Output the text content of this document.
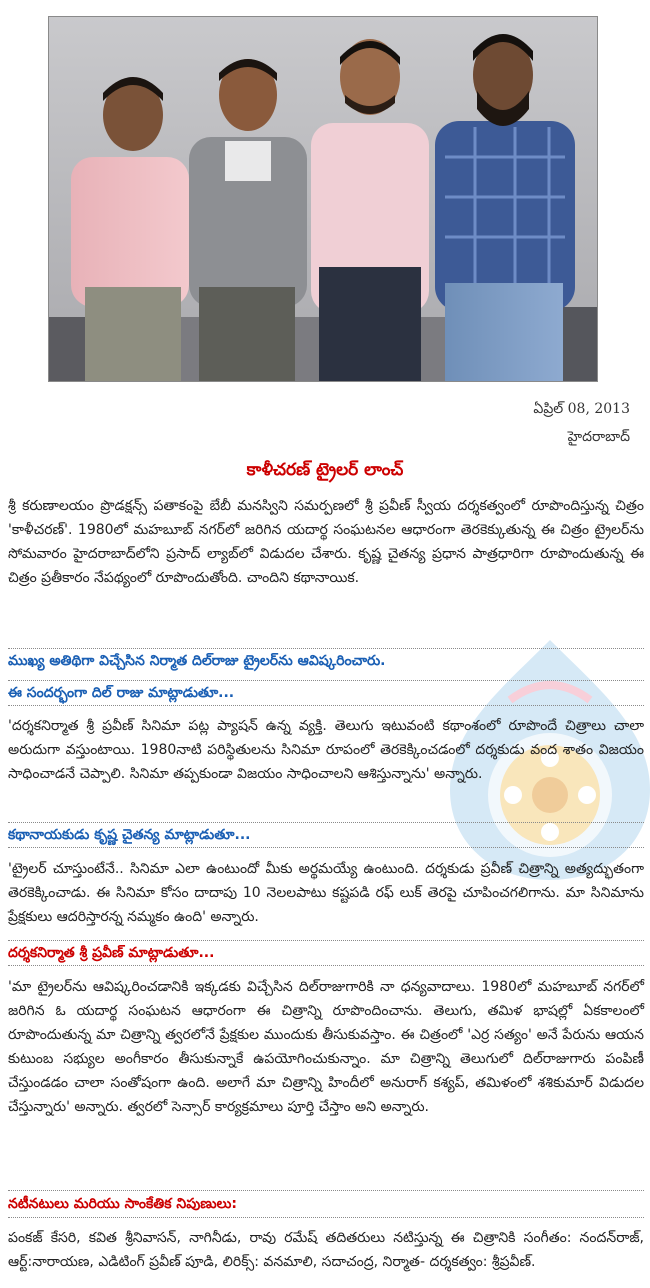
ఏప్రిల్ 08, 2013
హైదరాబాద్
కాళీచరణ్ ట్రైలర్ లాంచ్

శ్రీ కరుణాలయం ప్రొడక్షన్స్ పతాకంపై బేబీ మనస్విని సమర్పణలో శ్రీ ప్రవీణ్ స్వీయ దర్శకత్వంలో రూపొందిస్తున్న చిత్రం 'కాళీచరణ్'. 1980లో మహబూబ్ నగర్‌లో జరిగిన యదార్థ సంఘటనల ఆధారంగా తెరకెక్కుతున్న ఈ చిత్రం ట్రైలర్‌ను సోమవారం హైదరాబాద్‌లోని ప్రసాద్ ల్యాబ్‌లో విడుదల చేశారు. కృష్ణ చైతన్య ప్రధాన పాత్రధారిగా రూపొందుతున్న ఈ చిత్రం ప్రతీకారం నేపథ్యంలో రూపొందుతోంది. చాందిని కథానాయిక.

ముఖ్య అతిథిగా విచ్చేసిన నిర్మాత దిల్‌రాజు ట్రైలర్‌ను ఆవిష్కరించారు.

ఈ సందర్భంగా దిల్ రాజు మాట్లాడుతూ...

'దర్శకనిర్మాత శ్రీ ప్రవీణ్ సినిమా పట్ల ప్యాషన్ ఉన్న వ్యక్తి. తెలుగు ఇటువంటి కథాంశంలో రూపొందే చిత్రాలు చాలా అరుదుగా వస్తుంటాయి. 1980నాటి పరిస్థితులను సినిమా రూపంలో తెరకెక్కించడంలో దర్శకుడు వంద శాతం విజయం సాధించాడనే చెప్పాలి. సినిమా తప్పకుండా విజయం సాధించాలని ఆశిస్తున్నాను' అన్నారు.

కథానాయకుడు కృష్ణ చైతన్య మాట్లాడుతూ...

'ట్రైలర్ చూస్తుంటేనే.. సినిమా ఎలా ఉంటుందో మీకు అర్థమయ్యే ఉంటుంది. దర్శకుడు ప్రవీణ్ చిత్రాన్ని అత్యద్భుతంగా తెరకెక్కించాడు. ఈ సినిమా కోసం దాదాపు 10 నెలలపాటు కష్టపడి రఫ్ లుక్ తెరపై చూపించగలిగాను. మా సినిమాను ప్రేక్షకులు ఆదరిస్తారన్న నమ్మకం ఉంది' అన్నారు.

దర్శకనిర్మాత శ్రీ ప్రవీణ్ మాట్లాడుతూ...

'మా ట్రైలర్‌ను ఆవిష్కరించడానికి ఇక్కడకు విచ్చేసిన దిల్‌రాజుగారికి నా ధన్యవాదాలు. 1980లో మహబూబ్ నగర్‌లో జరిగిన ఓ యదార్థ సంఘటన ఆధారంగా ఈ చిత్రాన్ని రూపొందించాను. తెలుగు, తమిళ భాషల్లో ఏకకాలంలో రూపొందుతున్న మా చిత్రాన్ని త్వరలోనే ప్రేక్షకుల ముందుకు తీసుకువస్తాం. ఈ చిత్రంలో 'ఎర్ర సత్యం' అనే పేరును ఆయన కుటుంబ సభ్యుల అంగీకారం తీసుకున్నాకే ఉపయోగించుకున్నాం. మా చిత్రాన్ని తెలుగులో దిల్‌రాజుగారు పంపిణీ చేస్తుండడం చాలా సంతోషంగా ఉంది. అలాగే మా చిత్రాన్ని హిందీలో అనురాగ్ కశ్యప్, తమిళంలో శశికుమార్ విడుదల చేస్తున్నారు' అన్నారు. త్వరలో సెన్సార్ కార్యక్రమాలు పూర్తి చేస్తాం అని అన్నారు.

నటీనటులు మరియు సాంకేతిక నిపుణులు:

పంకజ్ కేసరి, కవిత శ్రీనివాసన్, నాగినీడు, రావు రమేష్ తదితరులు నటిస్తున్న ఈ చిత్రానికి సంగీతం: నందన్‌రాజ్, ఆర్ట్:నారాయణ, ఎడిటింగ్ ప్రవీణ్ పూడి, లిరిక్స్: వనమాలి, సదాచంద్ర, నిర్మాత- దర్శకత్వం: శ్రీప్రవీణ్.
